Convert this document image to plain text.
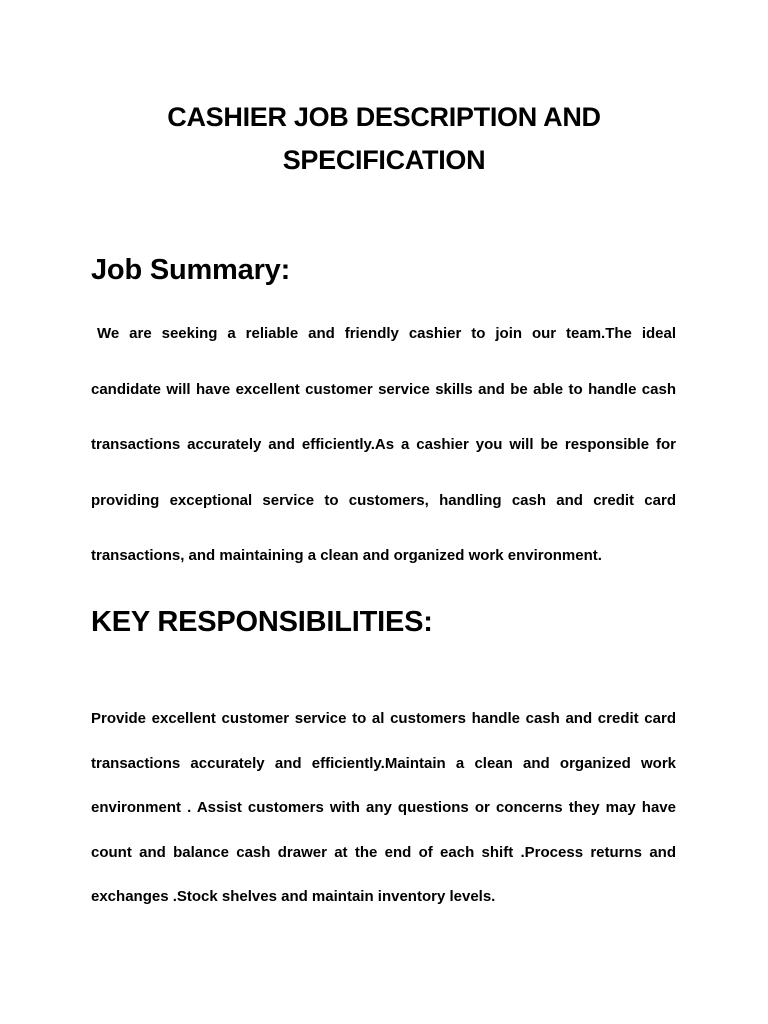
CASHIER JOB DESCRIPTION AND SPECIFICATION
Job Summary:

We are seeking a reliable and friendly cashier to join our team.The ideal candidate will have excellent customer service skills and be able to handle cash transactions accurately and efficiently.As a cashier you will be responsible for providing exceptional service to customers, handling cash and credit card transactions, and maintaining a clean and organized work environment.

KEY RESPONSIBILITIES:

Provide excellent customer service to al customers handle cash and credit card transactions accurately and efficiently.Maintain a clean and organized work environment . Assist customers with any questions or concerns they may have count and balance cash drawer at the end of each shift .Process returns and exchanges .Stock shelves and maintain inventory levels.
